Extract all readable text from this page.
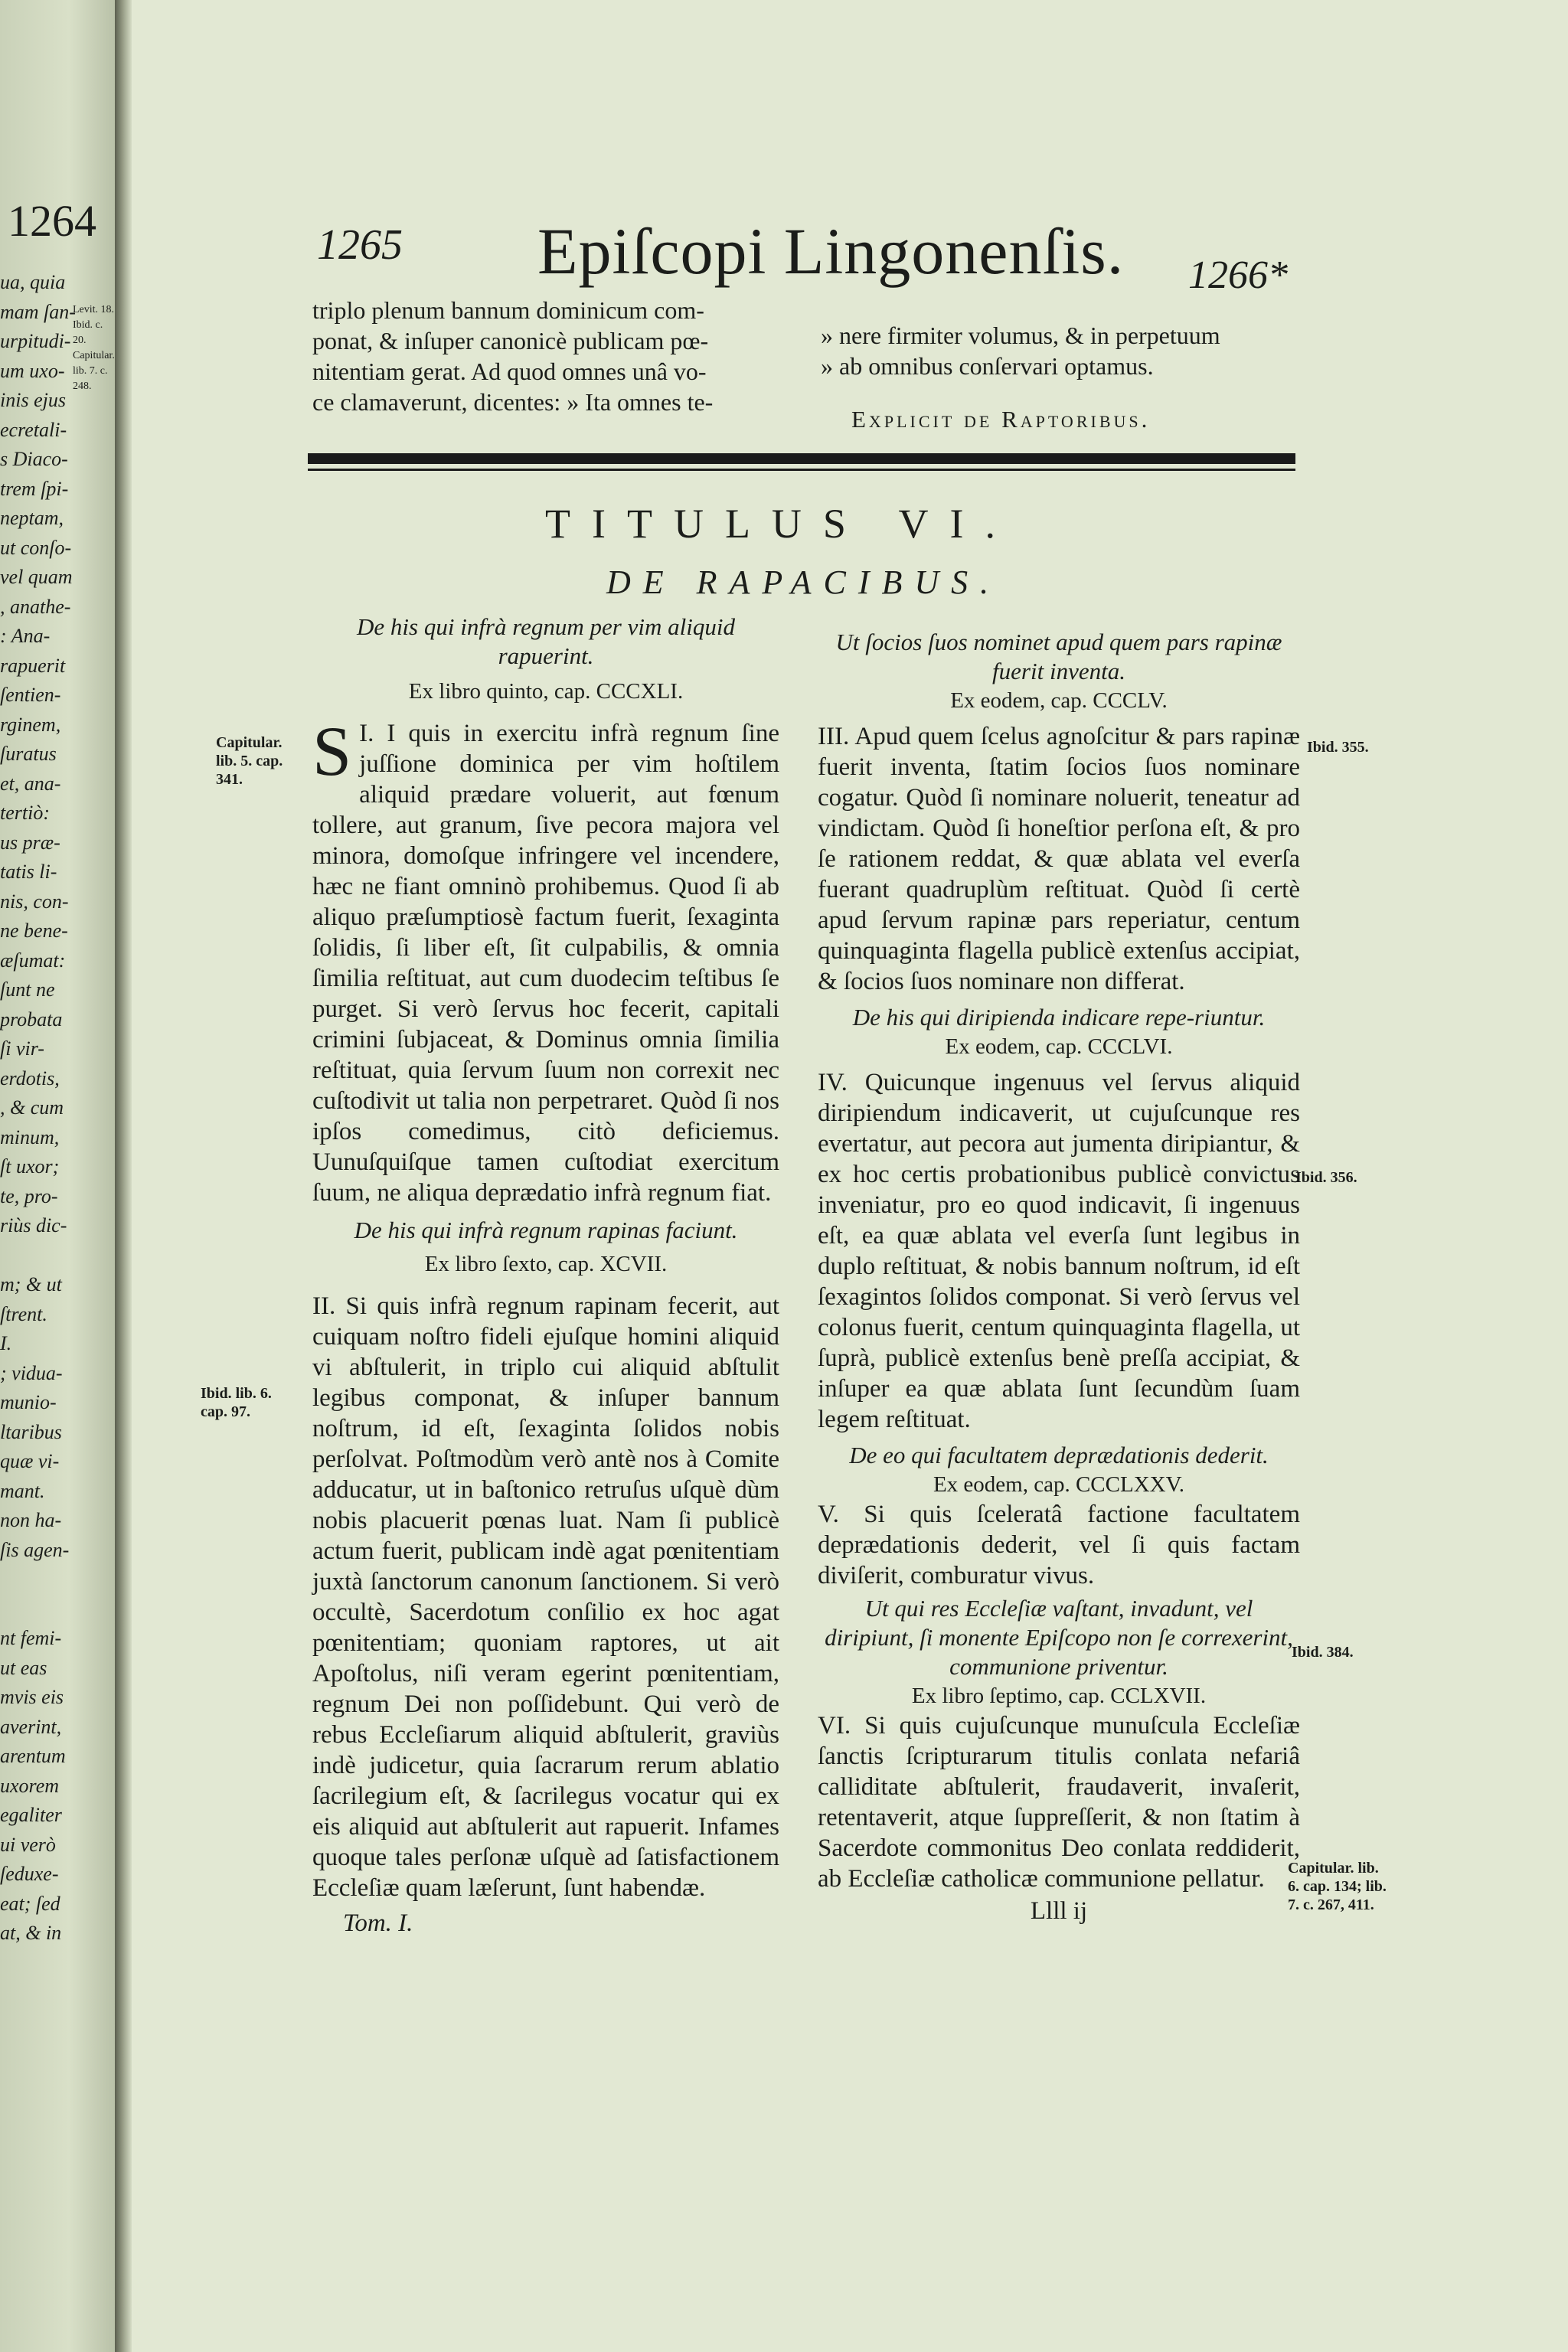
1264
ua, quia
mam ſan-
urpitudi-
um uxo-
inis ejus
ecretali-
s Diaco-
trem ſpi-
neptam,
ut conſo-
vel quam
, anathe-
: Ana-
rapuerit
ſentien-
rginem,
ſuratus
et, ana-
tertiò:
us præ-
tatis li-
nis, con-
ne bene-
æſumat:
ſunt ne
probata
ſi vir-
erdotis,
, & cum
minum,
ſt uxor;
te, pro-
riùs dic-

m; & ut
ſtrent.
I.
; vidua-
munio-
ltaribus
quæ vi-
mant.
non ha-
ſis agen-

nt femi-
ut eas
mvis eis
averint,
arentum
uxorem
egaliter
ui verò
ſeduxe-
eat; ſed
at, & in
Levit. 18.
Ibid. c. 20.
Capitular. lib. 7. c. 248.
1265 Epiſcopi Lingonenſis. 1266*
triplo plenum bannum dominicum com-
ponat, & inſuper canonicè publicam pœ-
nitentiam gerat. Ad quod omnes unâ vo-
ce clamaverunt, dicentes: » Ita omnes te-
» nere firmiter volumus, & in perpetuum
» ab omnibus conſervari optamus.
Explicit de Raptoribus.
TITULUS VI.
DE RAPACIBUS.
De his qui infrà regnum per vim aliquid rapuerint.
Ex libro quinto, cap. CCCXLI.

I.
S I quis in exercitu infrà regnum ſine juſſione dominica per vim hoſtilem aliquid prædare voluerit, aut fœnum tollere, aut granum, ſive pecora majora vel minora, domoſque infringere vel incendere, hæc ne fiant omninò prohibemus. Quod ſi ab aliquo præſumptiosè factum fuerit, ſexaginta ſolidis, ſi liber eſt, ſit culpabilis, & omnia ſimilia reſtituat, aut cum duodecim teſtibus ſe purget. Si verò ſervus hoc fecerit, capitali crimini ſubjaceat, & Dominus omnia ſimilia reſtituat, quia ſervum ſuum non correxit nec cuſtodivit ut talia non perpetraret. Quòd ſi nos ipſos comedimus, citò deficiemus. Uunuſquiſque tamen cuſtodiat exercitum ſuum, ne aliqua deprædatio infrà regnum fiat.

De his qui infrà regnum rapinas faciunt.
Ex libro ſexto, cap. XCVII.

II. Si quis infrà regnum rapinam fecerit, aut cuiquam noſtro fideli ejuſque homini aliquid vi abſtulerit, in triplo cui aliquid abſtulit legibus componat, & inſuper bannum noſtrum, id eſt, ſexaginta ſolidos nobis perſolvat. Poſtmodùm verò antè nos à Comite adducatur, ut in baſtonico retruſus uſquè dùm nobis placuerit pœnas luat. Nam ſi publicè actum fuerit, publicam indè agat pœnitentiam juxtà ſanctorum canonum ſanctionem. Si verò occultè, Sacerdotum conſilio ex hoc agat pœnitentiam; quoniam raptores, ut ait Apoſtolus, niſi veram egerint pœnitentiam, regnum Dei non poſſidebunt. Qui verò de rebus Eccleſiarum aliquid abſtulerit, graviùs indè judicetur, quia ſacrarum rerum ablatio ſacrilegium eſt, & ſacrilegus vocatur qui ex eis aliquid aut abſtulerit aut rapuerit. Infames quoque tales perſonæ uſquè ad ſatisfactionem Eccleſiæ quam læſerunt, ſunt habendæ.

Tom. I.
Ut ſocios ſuos nominet apud quem pars rapinæ fuerit inventa.
Ex eodem, cap. CCCLV.

III. Apud quem ſcelus agnoſcitur & pars rapinæ fuerit inventa, ſtatim ſocios ſuos nominare cogatur. Quòd ſi nominare noluerit, teneatur ad vindictam. Quòd ſi honeſtior perſona eſt, & pro ſe rationem reddat, & quæ ablata vel everſa fuerant quadruplùm reſtituat. Quòd ſi certè apud ſervum rapinæ pars reperiatur, centum quinquaginta flagella publicè extenſus accipiat, & ſocios ſuos nominare non differat.

De his qui diripienda indicare repe-riuntur.
Ex eodem, cap. CCCLVI.

IV. Quicunque ingenuus vel ſervus aliquid diripiendum indicaverit, ut cujuſcunque res evertatur, aut pecora aut jumenta diripiantur, & ex hoc certis probationibus publicè convictus inveniatur, pro eo quod indicavit, ſi ingenuus eſt, ea quæ ablata vel everſa ſunt legibus in duplo reſtituat, & nobis bannum noſtrum, id eſt ſexagintos ſolidos componat. Si verò ſervus vel colonus fuerit, centum quinquaginta flagella, ut ſuprà, publicè extenſus benè preſſa accipiat, & inſuper ea quæ ablata ſunt ſecundùm ſuam legem reſtituat.

De eo qui facultatem deprædationis dederit.
Ex eodem, cap. CCCLXXV.

V. Si quis ſceleratâ factione facultatem deprædationis dederit, vel ſi quis factam diviſerit, comburatur vivus.

Ut qui res Eccleſiæ vaſtant, invadunt, vel diripiunt, ſi monente Epiſcopo non ſe correxerint, communione priventur.
Ex libro ſeptimo, cap. CCLXVII.

VI. Si quis cujuſcunque munuſcula Eccleſiæ ſanctis ſcripturarum titulis conlata nefariâ calliditate abſtulerit, fraudaverit, invaſerit, retentaverit, atque ſuppreſſerit, & non ſtatim à Sacerdote commonitus Deo conlata reddiderit, ab Eccleſiæ catholicæ communione pellatur.

Llll ij
Capitular. lib. 5. cap. 341.
Ibid. lib. 6. cap. 97.
Ibid. 355.
Ibid. 356.
Ibid. 384.
Capitular. lib. 6. cap. 134; lib. 7. c. 267, 411.
